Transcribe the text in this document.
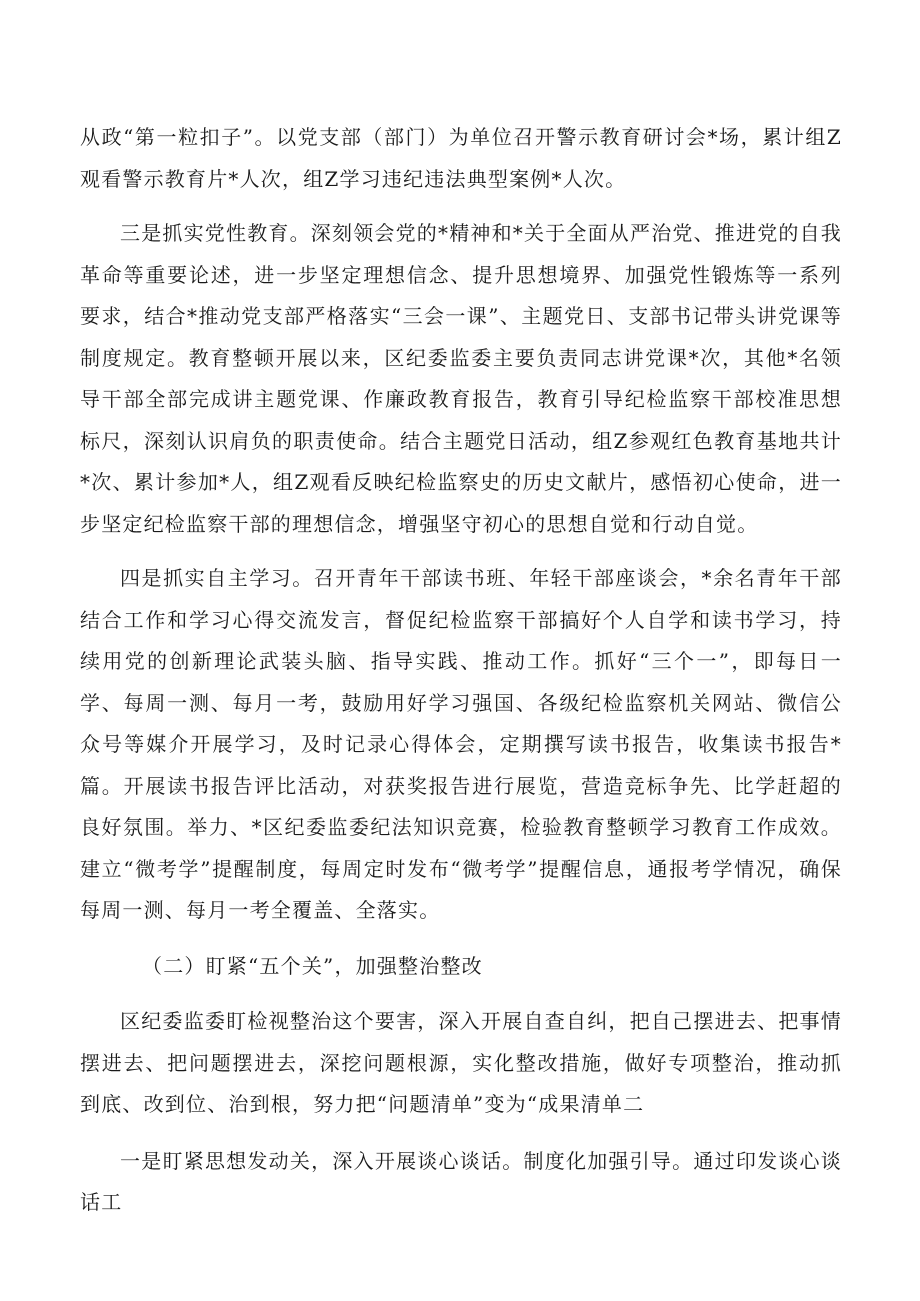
从政“第一粒扣子”。以党支部（部门）为单位召开警示教育研讨会*场，累计组Z观看警示教育片*人次，组Z学习违纪违法典型案例*人次。

三是抓实党性教育。深刻领会党的*精神和*关于全面从严治党、推进党的自我革命等重要论述，进一步坚定理想信念、提升思想境界、加强党性锻炼等一系列要求，结合*推动党支部严格落实“三会一课”、主题党日、支部书记带头讲党课等制度规定。教育整顿开展以来，区纪委监委主要负责同志讲党课*次，其他*名领导干部全部完成讲主题党课、作廉政教育报告，教育引导纪检监察干部校准思想标尺，深刻认识肩负的职责使命。结合主题党日活动，组Z参观红色教育基地共计*次、累计参加*人，组Z观看反映纪检监察史的历史文献片，感悟初心使命，进一步坚定纪检监察干部的理想信念，增强坚守初心的思想自觉和行动自觉。

四是抓实自主学习。召开青年干部读书班、年轻干部座谈会，*余名青年干部结合工作和学习心得交流发言，督促纪检监察干部搞好个人自学和读书学习，持续用党的创新理论武装头脑、指导实践、推动工作。抓好“三个一”，即每日一学、每周一测、每月一考，鼓励用好学习强国、各级纪检监察机关网站、微信公众号等媒介开展学习，及时记录心得体会，定期撰写读书报告，收集读书报告*篇。开展读书报告评比活动，对获奖报告进行展览，营造竞标争先、比学赶超的良好氛围。举力、*区纪委监委纪法知识竞赛，检验教育整顿学习教育工作成效。建立“微考学”提醒制度，每周定时发布“微考学”提醒信息，通报考学情况，确保每周一测、每月一考全覆盖、全落实。

（二）盯紧“五个关”，加强整治整改

区纪委监委盯检视整治这个要害，深入开展自查自纠，把自己摆进去、把事情摆进去、把问题摆进去，深挖问题根源，实化整改措施，做好专项整治，推动抓到底、改到位、治到根，努力把“问题清单”变为“成果清单二

一是盯紧思想发动关，深入开展谈心谈话。制度化加强引导。通过印发谈心谈话工
